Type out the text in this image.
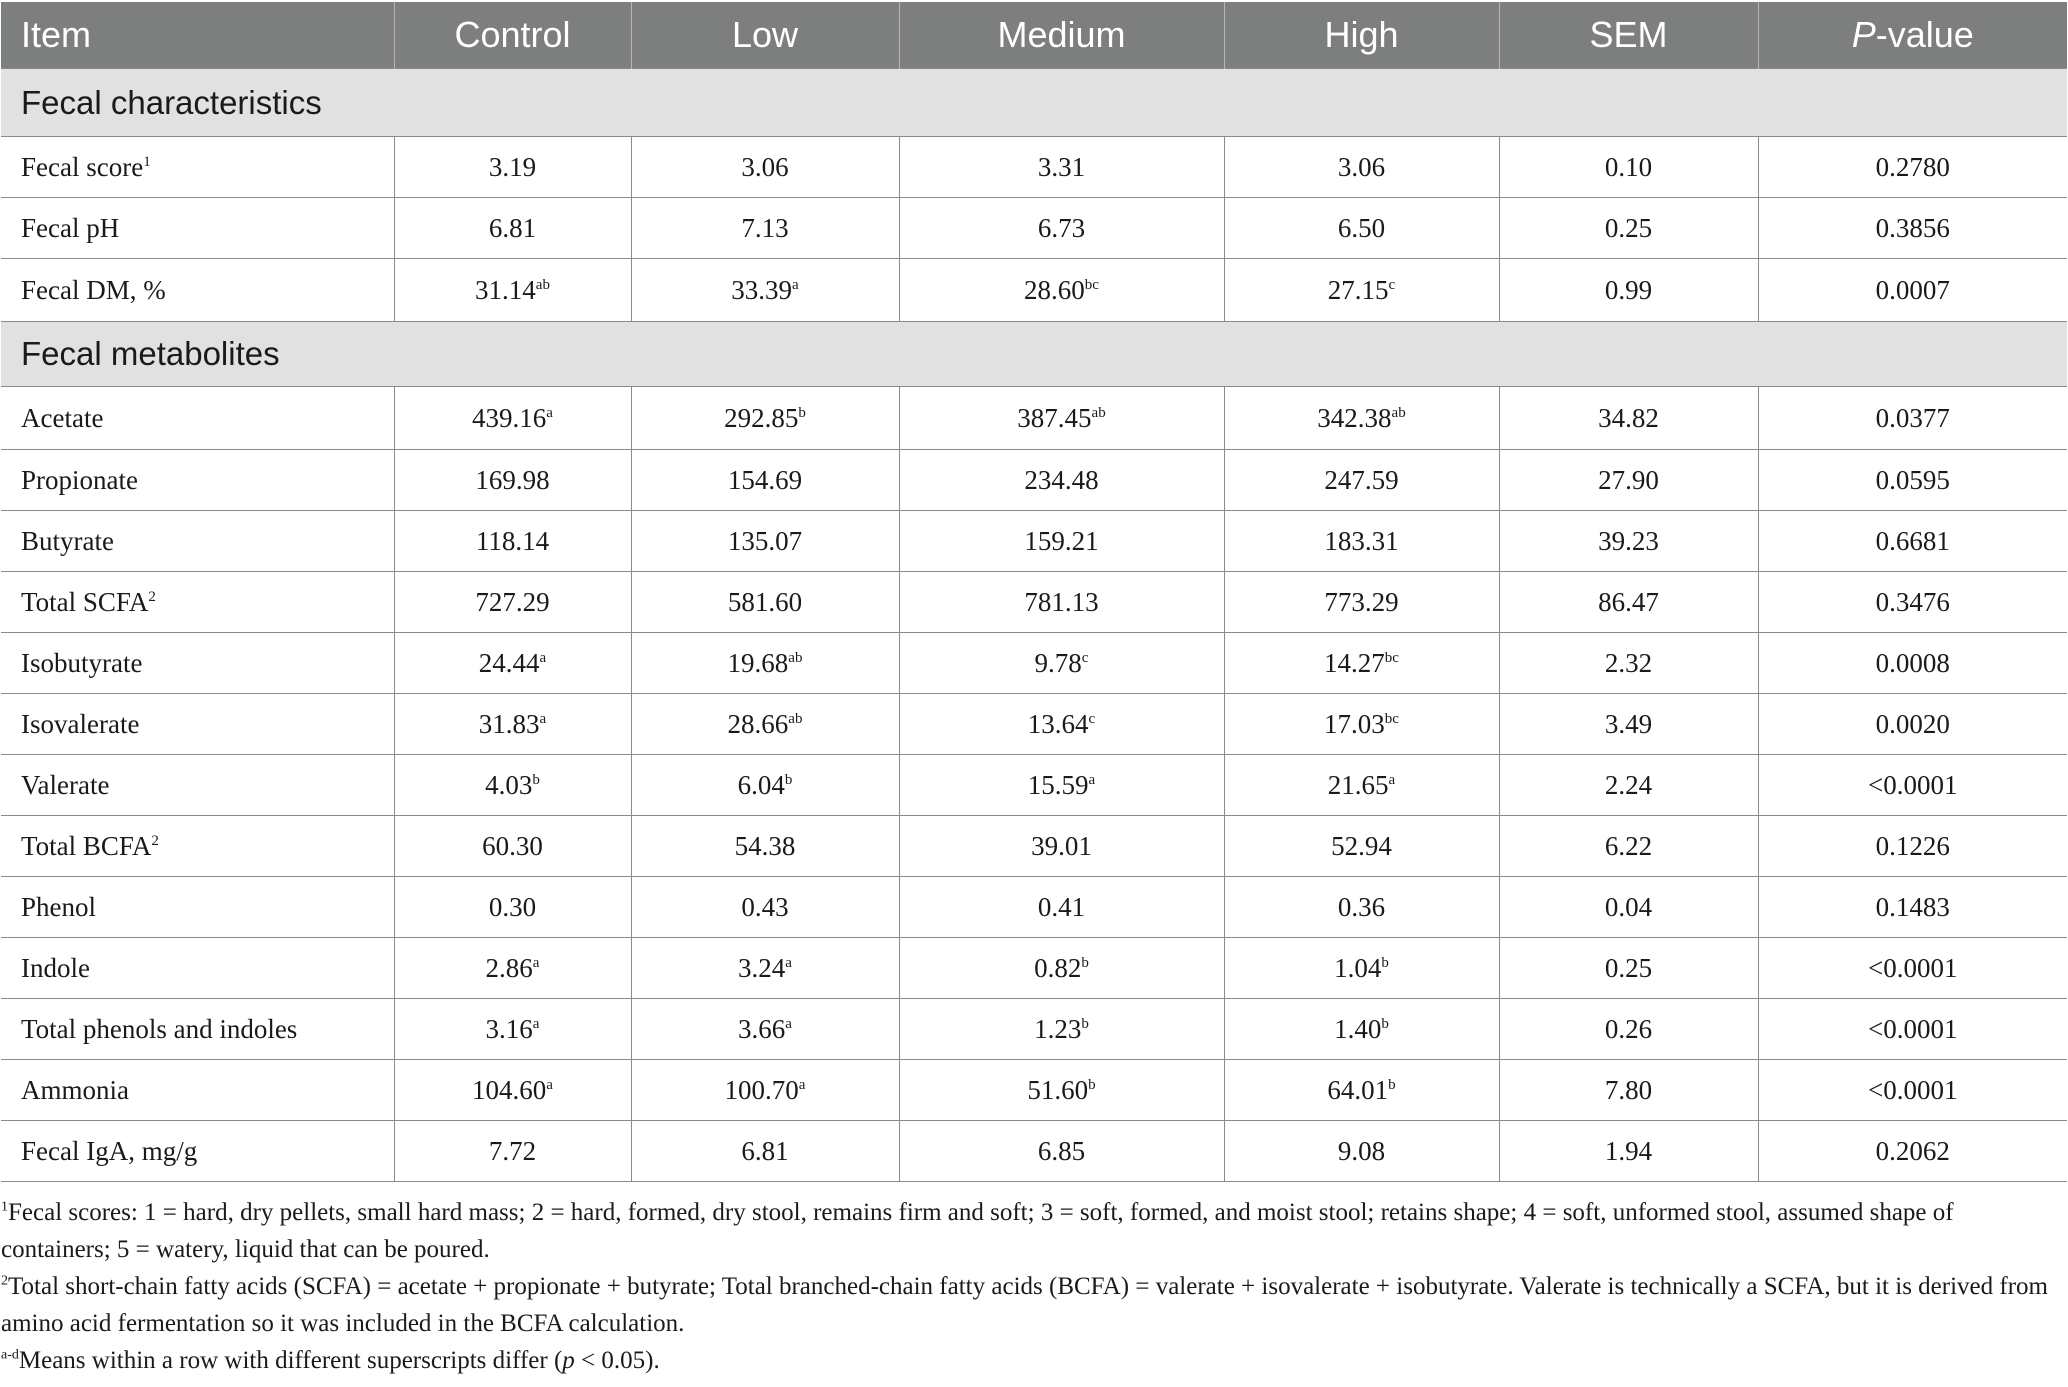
Item	Control	Low	Medium	High	SEM	P-value
Fecal characteristics						
Fecal score$^1$	3.19	3.06	3.31	3.06	0.10	0.2780
Fecal pH	6.81	7.13	6.73	6.50	0.25	0.3856
Fecal DM, %	31.14$^{ab}$	33.39$^a$	28.60$^{bc}$	27.15$^c$	0.99	0.0007
Fecal metabolites						
Acetate	439.16$^a$	292.85$^b$	387.45$^{ab}$	342.38$^{ab}$	34.82	0.0377
Propionate	169.98	154.69	234.48	247.59	27.90	0.0595
Butyrate	118.14	135.07	159.21	183.31	39.23	0.6681
Total SCFA$^2$	727.29	581.60	781.13	773.29	86.47	0.3476
Isobutyrate	24.44$^a$	19.68$^{ab}$	9.78$^c$	14.27$^{bc}$	2.32	0.0008
Isovalerate	31.83$^a$	28.66$^{ab}$	13.64$^c$	17.03$^{bc}$	3.49	0.0020
Valerate	4.03$^b$	6.04$^b$	15.59$^a$	21.65$^a$	2.24	<0.0001
Total BCFA$^2$	60.30	54.38	39.01	52.94	6.22	0.1226
Phenol	0.30	0.43	0.41	0.36	0.04	0.1483
Indole	2.86$^a$	3.24$^a$	0.82$^b$	1.04$^b$	0.25	<0.0001
Total phenols and indoles	3.16$^a$	3.66$^a$	1.23$^b$	1.40$^b$	0.26	<0.0001
Ammonia	104.60$^a$	100.70$^a$	51.60$^b$	64.01$^b$	7.80	<0.0001
Fecal IgA, mg/g	7.72	6.81	6.85	9.08	1.94	0.2062

$^1$Fecal scores: 1 = hard, dry pellets, small hard mass; 2 = hard, formed, dry stool, remains firm and soft; 3 = soft, formed, and moist stool; retains shape; 4 = soft, unformed stool, assumed shape of containers; 5 = watery, liquid that can be poured.

$^2$Total short-chain fatty acids (SCFA) = acetate + propionate + butyrate; Total branched-chain fatty acids (BCFA) = valerate + isovalerate + isobutyrate. Valerate is technically a SCFA, but it is derived from amino acid fermentation so it was included in the BCFA calculation.

$^{a-d}$Means within a row with different superscripts differ (p < 0.05).
